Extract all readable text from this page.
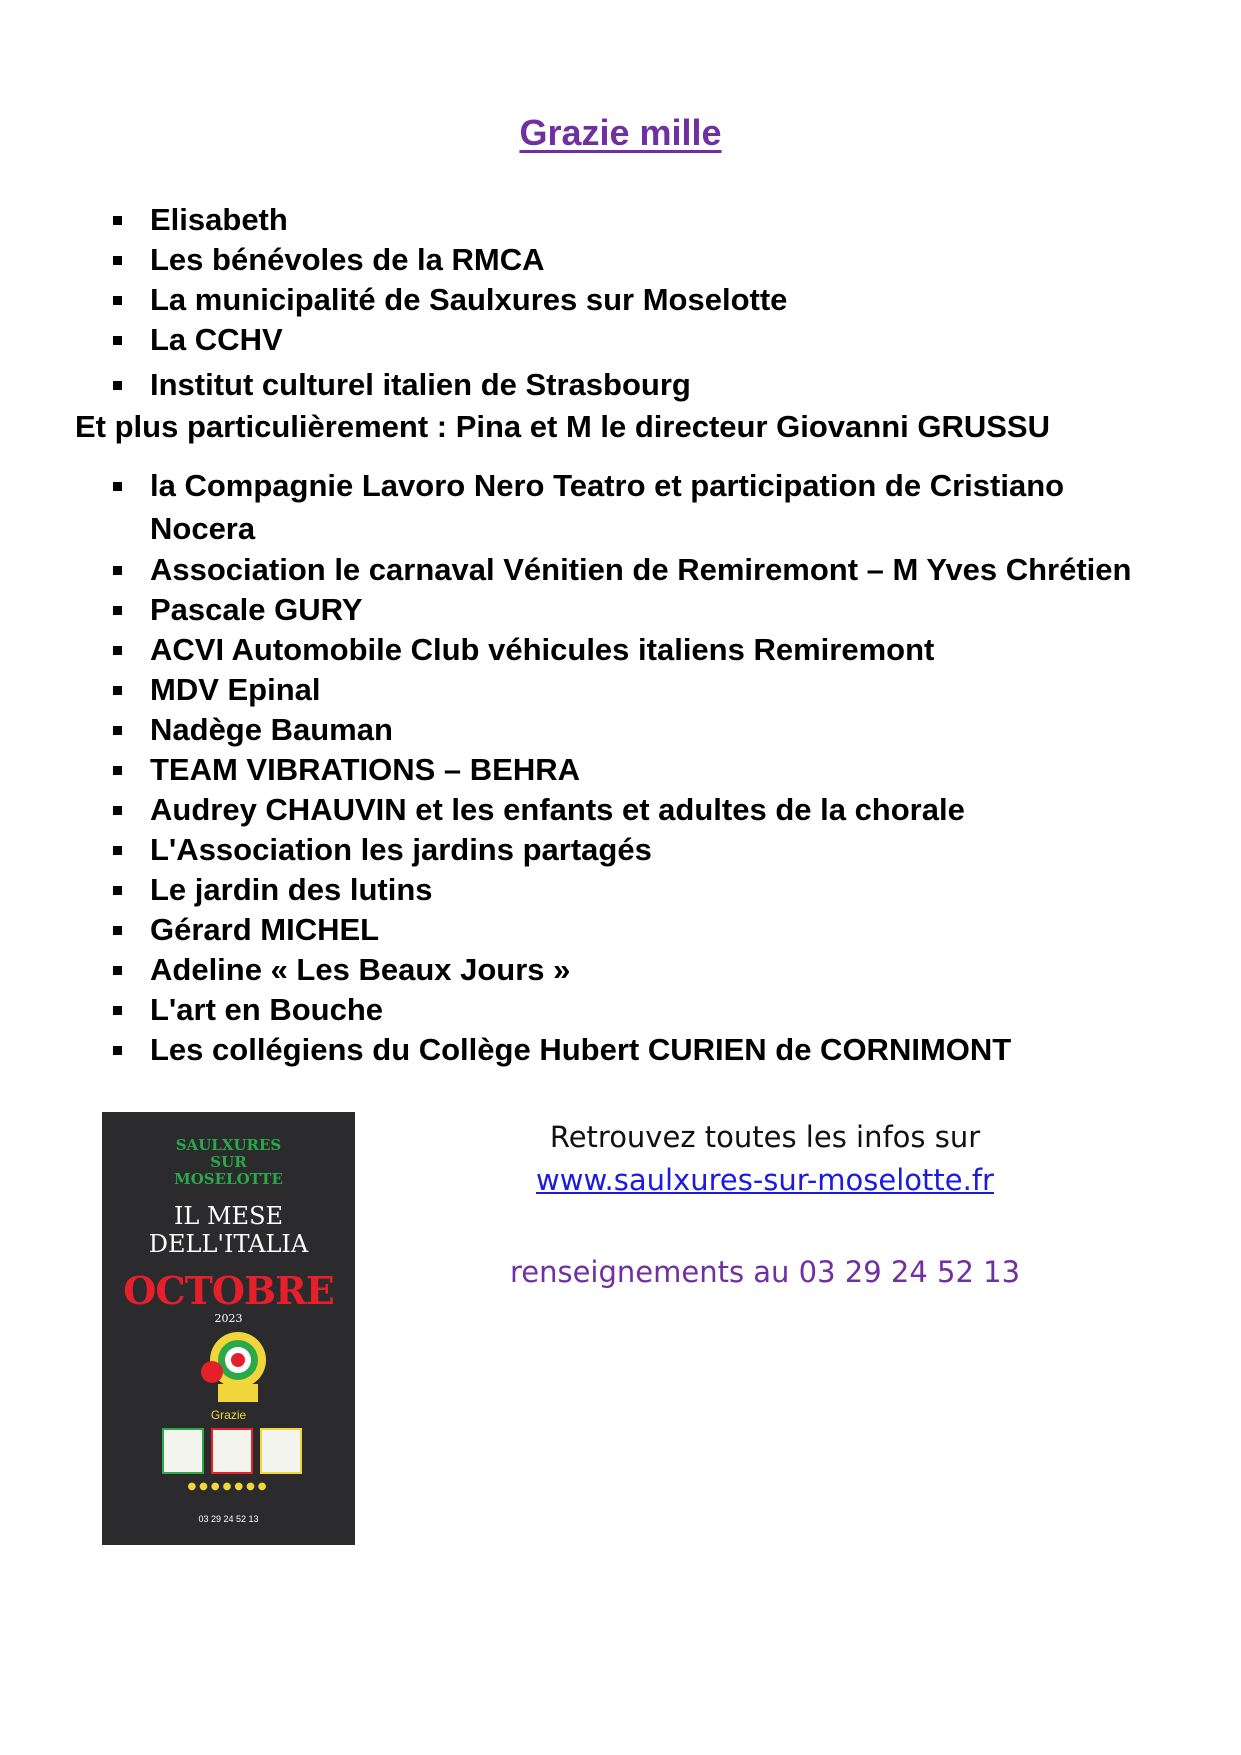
Grazie mille
Elisabeth
Les bénévoles de la RMCA
La municipalité de Saulxures sur Moselotte
La CCHV
Institut culturel italien de Strasbourg
Et plus particulièrement : Pina et M le directeur Giovanni GRUSSU
la Compagnie Lavoro Nero Teatro et participation de Cristiano Nocera
Association le carnaval Vénitien de Remiremont – M Yves Chrétien
Pascale GURY
ACVI Automobile Club véhicules italiens Remiremont
MDV Epinal
Nadège Bauman
TEAM VIBRATIONS – BEHRA
Audrey CHAUVIN et les enfants et adultes de la chorale
L'Association les jardins partagés
Le jardin des lutins
Gérard MICHEL
Adeline « Les Beaux Jours »
L'art en Bouche
Les collégiens du Collège Hubert CURIEN de CORNIMONT
SAULXURES
SUR
MOSELOTTE
IL MESE
DELL'ITALIA
OCTOBRE
2023
Grazie
●●●●●●●
03 29 24 52 13
Retrouvez toutes les infos sur
www.saulxures-sur-moselotte.fr
renseignements au 03 29 24 52 13
